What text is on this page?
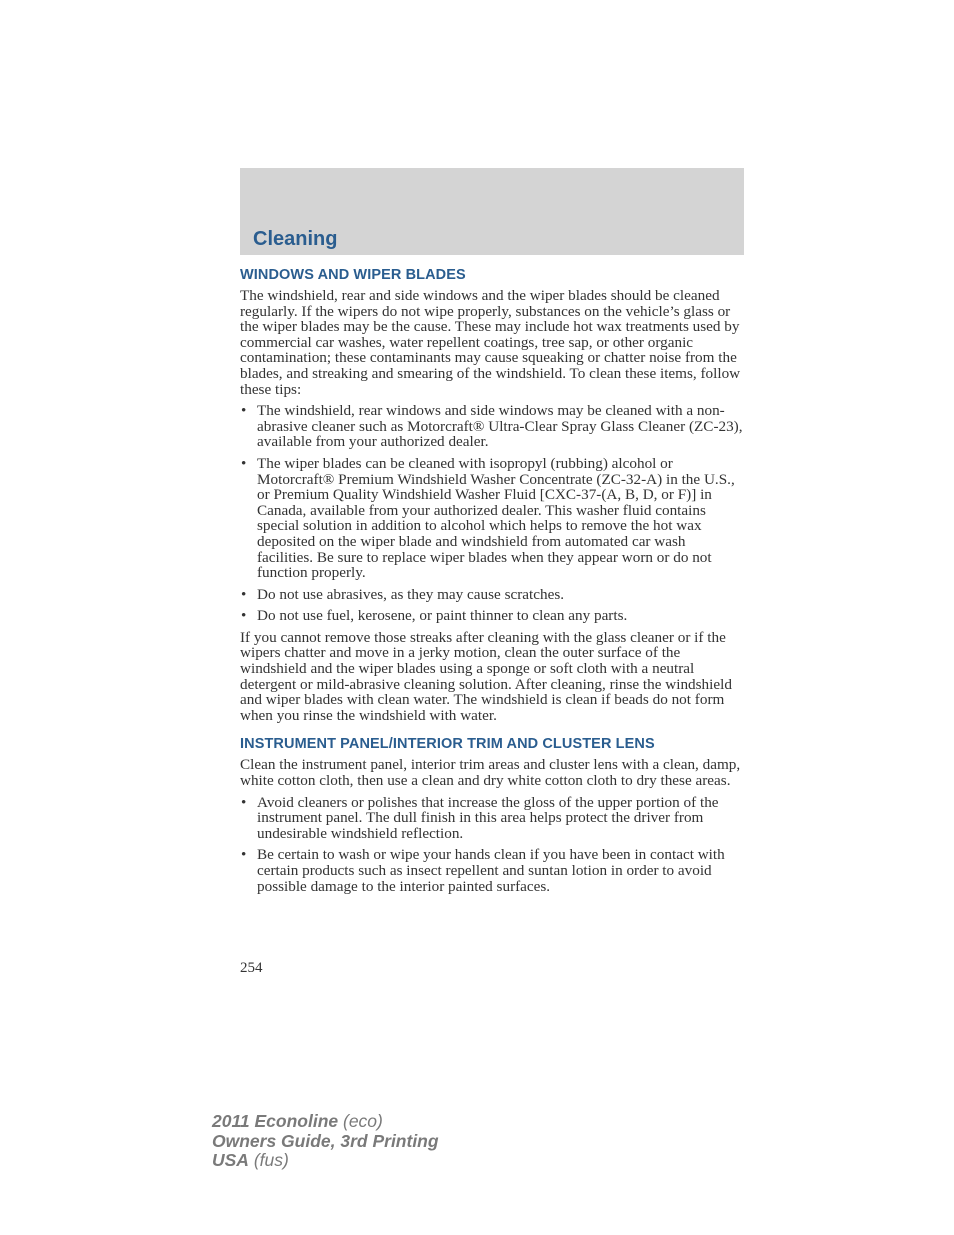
Cleaning
WINDOWS AND WIPER BLADES

The windshield, rear and side windows and the wiper blades should be cleaned regularly. If the wipers do not wipe properly, substances on the vehicle’s glass or the wiper blades may be the cause. These may include hot wax treatments used by commercial car washes, water repellent coatings, tree sap, or other organic contamination; these contaminants may cause squeaking or chatter noise from the blades, and streaking and smearing of the windshield. To clean these items, follow these tips:

• The windshield, rear windows and side windows may be cleaned with a non-abrasive cleaner such as Motorcraft® Ultra-Clear Spray Glass Cleaner (ZC-23), available from your authorized dealer.
• The wiper blades can be cleaned with isopropyl (rubbing) alcohol or Motorcraft® Premium Windshield Washer Concentrate (ZC-32-A) in the U.S., or Premium Quality Windshield Washer Fluid [CXC-37-(A, B, D, or F)] in Canada, available from your authorized dealer. This washer fluid contains special solution in addition to alcohol which helps to remove the hot wax deposited on the wiper blade and windshield from automated car wash facilities. Be sure to replace wiper blades when they appear worn or do not function properly.
• Do not use abrasives, as they may cause scratches.
• Do not use fuel, kerosene, or paint thinner to clean any parts.

If you cannot remove those streaks after cleaning with the glass cleaner or if the wipers chatter and move in a jerky motion, clean the outer surface of the windshield and the wiper blades using a sponge or soft cloth with a neutral detergent or mild-abrasive cleaning solution. After cleaning, rinse the windshield and wiper blades with clean water. The windshield is clean if beads do not form when you rinse the windshield with water.

INSTRUMENT PANEL/INTERIOR TRIM AND CLUSTER LENS

Clean the instrument panel, interior trim areas and cluster lens with a clean, damp, white cotton cloth, then use a clean and dry white cotton cloth to dry these areas.

• Avoid cleaners or polishes that increase the gloss of the upper portion of the instrument panel. The dull finish in this area helps protect the driver from undesirable windshield reflection.
• Be certain to wash or wipe your hands clean if you have been in contact with certain products such as insect repellent and suntan lotion in order to avoid possible damage to the interior painted surfaces.

254

2011 Econoline (eco)
Owners Guide, 3rd Printing
USA (fus)
